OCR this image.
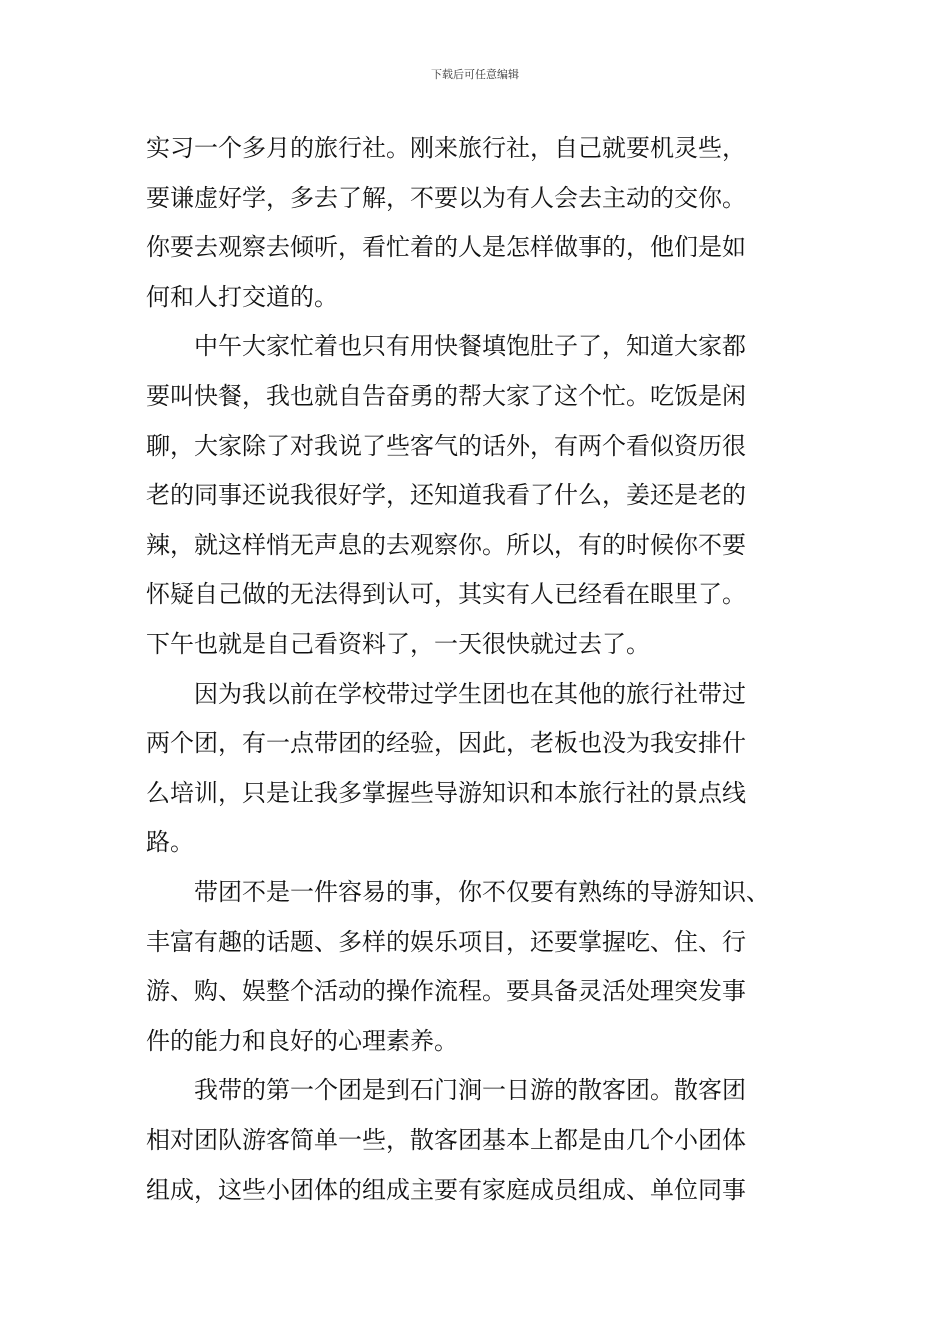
下载后可任意编辑
实习一个多月的旅行社。刚来旅行社，自己就要机灵些，
要谦虚好学，多去了解，不要以为有人会去主动的交你。
你要去观察去倾听，看忙着的人是怎样做事的，他们是如
何和人打交道的。
　　中午大家忙着也只有用快餐填饱肚子了，知道大家都
要叫快餐，我也就自告奋勇的帮大家了这个忙。吃饭是闲
聊，大家除了对我说了些客气的话外，有两个看似资历很
老的同事还说我很好学，还知道我看了什么，姜还是老的
辣，就这样悄无声息的去观察你。所以，有的时候你不要
怀疑自己做的无法得到认可，其实有人已经看在眼里了。
下午也就是自己看资料了，一天很快就过去了。
　　因为我以前在学校带过学生团也在其他的旅行社带过
两个团，有一点带团的经验，因此，老板也没为我安排什
么培训，只是让我多掌握些导游知识和本旅行社的景点线
路。
　　带团不是一件容易的事，你不仅要有熟练的导游知识、
丰富有趣的话题、多样的娱乐项目，还要掌握吃、住、行
游、购、娱整个活动的操作流程。要具备灵活处理突发事
件的能力和良好的心理素养。
　　我带的第一个团是到石门涧一日游的散客团。散客团
相对团队游客简单一些，散客团基本上都是由几个小团体
组成，这些小团体的组成主要有家庭成员组成、单位同事
